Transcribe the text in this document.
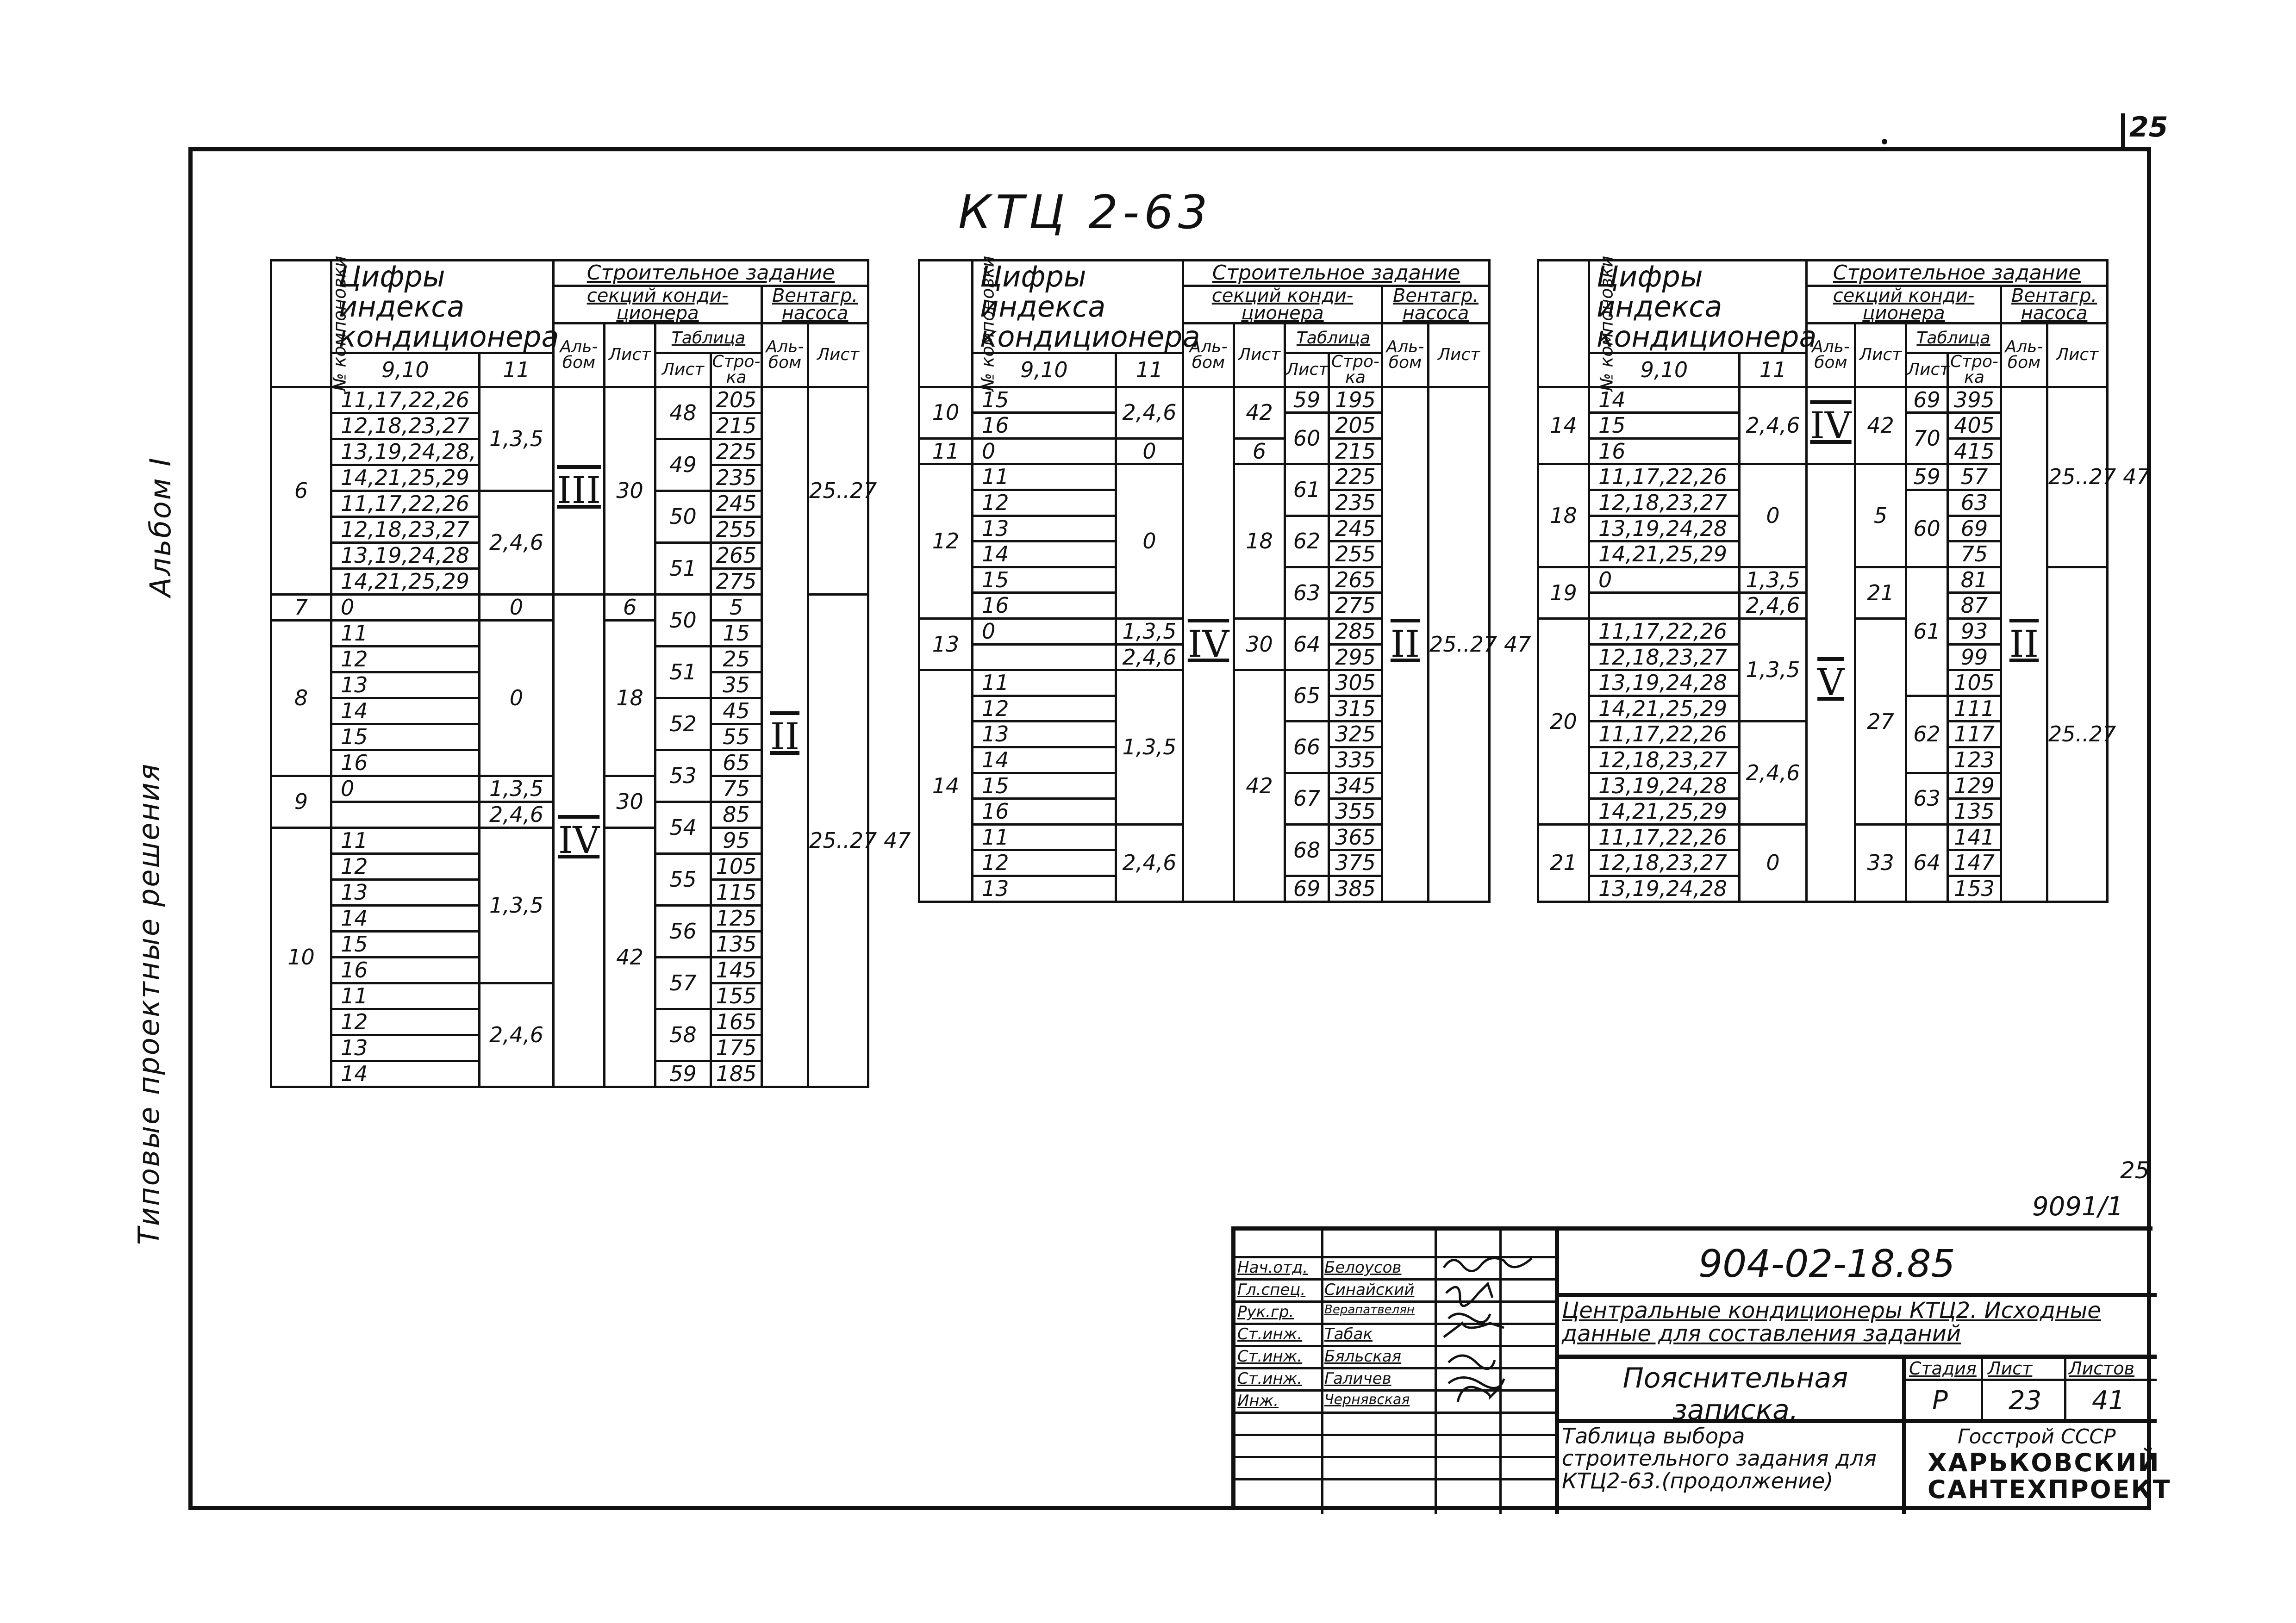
25
Альбом I
Типовые проектные решения
КТЦ 2-63
№ компоновки	Цифры индекса кондиционера		Строительное задание					
			секций конди- ционера				Вентагр. насоса	
			Аль- бом	Лист	Таблица		Аль- бом	Лист
	9,10	11			Лист	Стро- ка		
6	11,17,22,26	1,3,5	III	30	48	205	II	25..27
	12,18,23,27					215		
	13,19,24,28,				49	225		
	14,21,25,29					235		
	11,17,22,26	2,4,6			50	245		
	12,18,23,27					255		
	13,19,24,28				51	265		
	14,21,25,29					275		
7	0	0	IV	6	50	5		25..27 47
8	11	0		18		15		
	12				51	25		
	13					35		
	14				52	45		
	15					55		
	16				53	65		
9	0	1,3,5		30		75		
		2,4,6			54	85		
10	11	1,3,5		42		95		
	12				55	105		
	13					115		
	14				56	125		
	15					135		
	16				57	145		
	11	2,4,6				155		
	12				58	165		
	13					175		
	14				59	185		
№ компоновки	Цифры индекса кондиционера		Строительное задание					
			секций конди- ционера				Вентагр. насоса	
			Аль- бом	Лист	Таблица		Аль- бом	Лист
	9,10	11			Лист	Стро- ка		
10	15	2,4,6	IV	42	59	195	II	25..27 47
	16				60	205		
11	0	0		6		215		
12	11	0		18	61	225		
	12					235		
	13				62	245		
	14					255		
	15				63	265		
	16					275		
13	0	1,3,5		30	64	285		
		2,4,6				295		
14	11	1,3,5		42	65	305		
	12					315		
	13				66	325		
	14					335		
	15				67	345		
	16					355		
	11	2,4,6			68	365		
	12					375		
	13				69	385		
№ компоновки	Цифры индекса кондиционера		Строительное задание					
			секций конди- ционера				Вентагр. насоса	
			Аль- бом	Лист	Таблица		Аль- бом	Лист
	9,10	11			Лист	Стро- ка		
14	14	2,4,6	IV	42	69	395	II	25..27 47
	15				70	405		
	16					415		
18	11,17,22,26	0	V	5	59	57		
	12,18,23,27				60	63		
	13,19,24,28					69		
	14,21,25,29					75		
19	0	1,3,5		21	61	81		25..27
		2,4,6				87		
20	11,17,22,26	1,3,5		27		93		
	12,18,23,27					99		
	13,19,24,28					105		
	14,21,25,29				62	111		
	11,17,22,26	2,4,6				117		
	12,18,23,27					123		
	13,19,24,28				63	129		
	14,21,25,29					135		
21	11,17,22,26	0		33	64	141		
	12,18,23,27					147		
	13,19,24,28					153		
25
9091/1
Нач.отд.
Гл.спец.
Рук.гр.
Ст.инж.
Ст.инж.
Ст.инж.
Инж.
Белоусов
Синайский
Верапатвелян
Табак
Бяльская
Галичев
Чернявская
904-02-18.85
Центральные кондиционеры КТЦ2. Исходные данные для составления заданий
Пояснительная записка.
Стадия Лист Листов
Р 23 41
Таблица выбора строительного задания для КТЦ2-63.(продолжение)
Госстрой СССР
ХАРЬКОВСКИЙ
САНТЕХПРОЕКТ
